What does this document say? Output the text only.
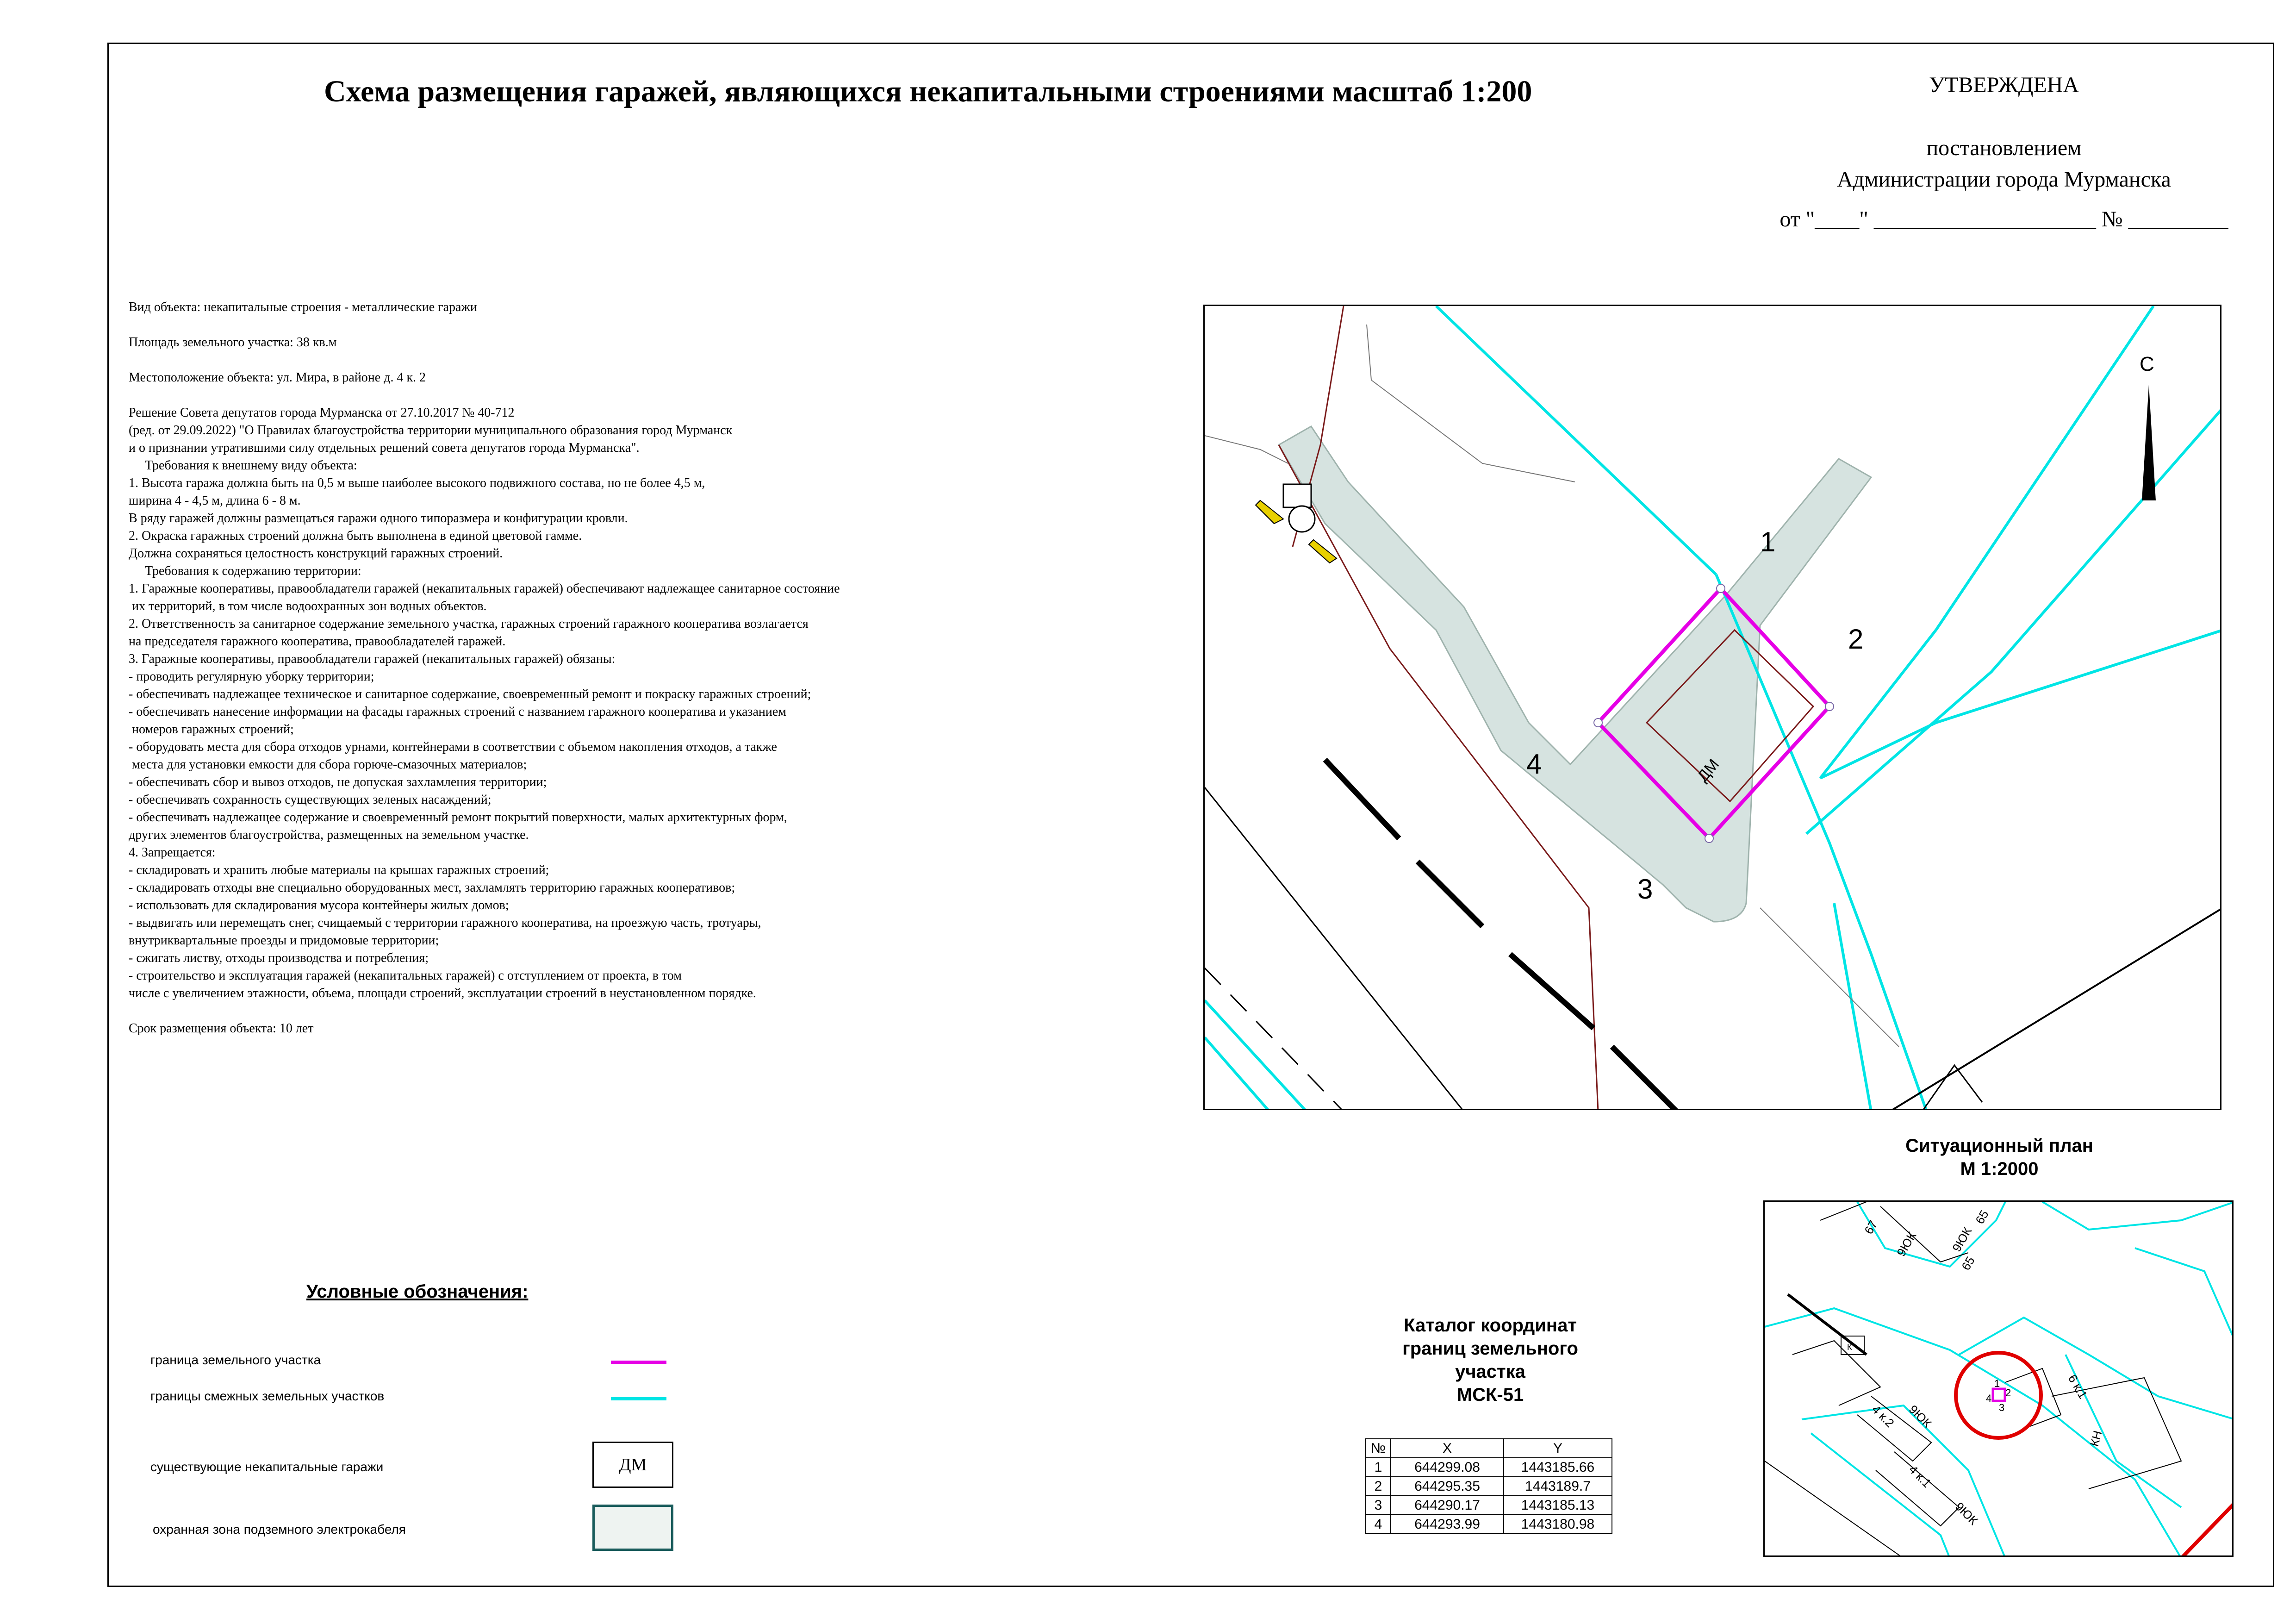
Схема размещения гаражей, являющихся некапитальными строениями масштаб 1:200	УТВЕРЖДЕНА
постановлением
Администрации города Мурманска
от "____" ____________________ № _________

Вид объекта: некапитальные строения - металлические гаражи

Площадь земельного участка: 38 кв.м

Местоположение объекта: ул. Мира, в районе д. 4 к. 2

Решение Совета депутатов города Мурманска от 27.10.2017 № 40-712

(ред. от 29.09.2022) "О Правилах благоустройства территории муниципального образования город Мурманск

и о признании утратившими силу отдельных решений совета депутатов города Мурманска".

Требования к внешнему виду объекта:

1. Высота гаража должна быть на 0,5 м выше наиболее высокого подвижного состава, но не более 4,5 м,

ширина 4 - 4,5 м, длина 6 - 8 м.

В ряду гаражей должны размещаться гаражи одного типоразмера и конфигурации кровли.

2. Окраска гаражных строений должна быть выполнена в единой цветовой гамме.

Должна сохраняться целостность конструкций гаражных строений.

Требования к содержанию территории:

1. Гаражные кооперативы, правообладатели гаражей (некапитальных гаражей) обеспечивают надлежащее санитарное состояние

их территорий, в том числе водоохранных зон водных объектов.

2. Ответственность за санитарное содержание земельного участка, гаражных строений гаражного кооператива возлагается

на председателя гаражного кооператива, правообладателей гаражей.

3. Гаражные кооперативы, правообладатели гаражей (некапитальных гаражей) обязаны:

- проводить регулярную уборку территории;

- обеспечивать надлежащее техническое и санитарное содержание, своевременный ремонт и покраску гаражных строений;

- обеспечивать нанесение информации на фасады гаражных строений с названием гаражного кооператива и указанием

номеров гаражных строений;

- оборудовать места для сбора отходов урнами, контейнерами в соответствии с объемом накопления отходов, а также

места для установки емкости для сбора горюче-смазочных материалов;

- обеспечивать сбор и вывоз отходов, не допуская захламления территории;

- обеспечивать сохранность существующих зеленых насаждений;

- обеспечивать надлежащее содержание и своевременный ремонт покрытий поверхности, малых архитектурных форм,

других элементов благоустройства, размещенных на земельном участке.

4. Запрещается:

- складировать и хранить любые материалы на крышах гаражных строений;

- складировать отходы вне специально оборудованных мест, захламлять территорию гаражных кооперативов;

- использовать для складирования мусора контейнеры жилых домов;

- выдвигать или перемещать снег, счищаемый с территории гаражного кооператива, на проезжую часть, тротуары,

внутриквартальные проезды и придомовые территории;

- сжигать листву, отходы производства и потребления;

- строительство и эксплуатация гаражей (некапитальных гаражей) с отступлением от проекта, в том

числе с увеличением этажности, объема, площади строений, эксплуатации строений в неустановленном порядке.

Срок размещения объекта: 10 лет

ДМ
1
2
3
4
С
Ситуационный план
М 1:2000
67
9ЮК	9ЮК
65
65
4 к.2 9ЮК
4 к.1
9ЮК
КН
6 к.1
К
1
2
3
4
Условные обозначения:
граница земельного участка
границы смежных земельных участков
существующие некапитальные гаражи	ДМ
охранная зона подземного электрокабеля
Каталог координат
границ земельного
участка
МСК-51
№	X	Y
1	644299.08	1443185.66
2	644295.35	1443189.7
3	644290.17	1443185.13
4	644293.99	1443180.98
